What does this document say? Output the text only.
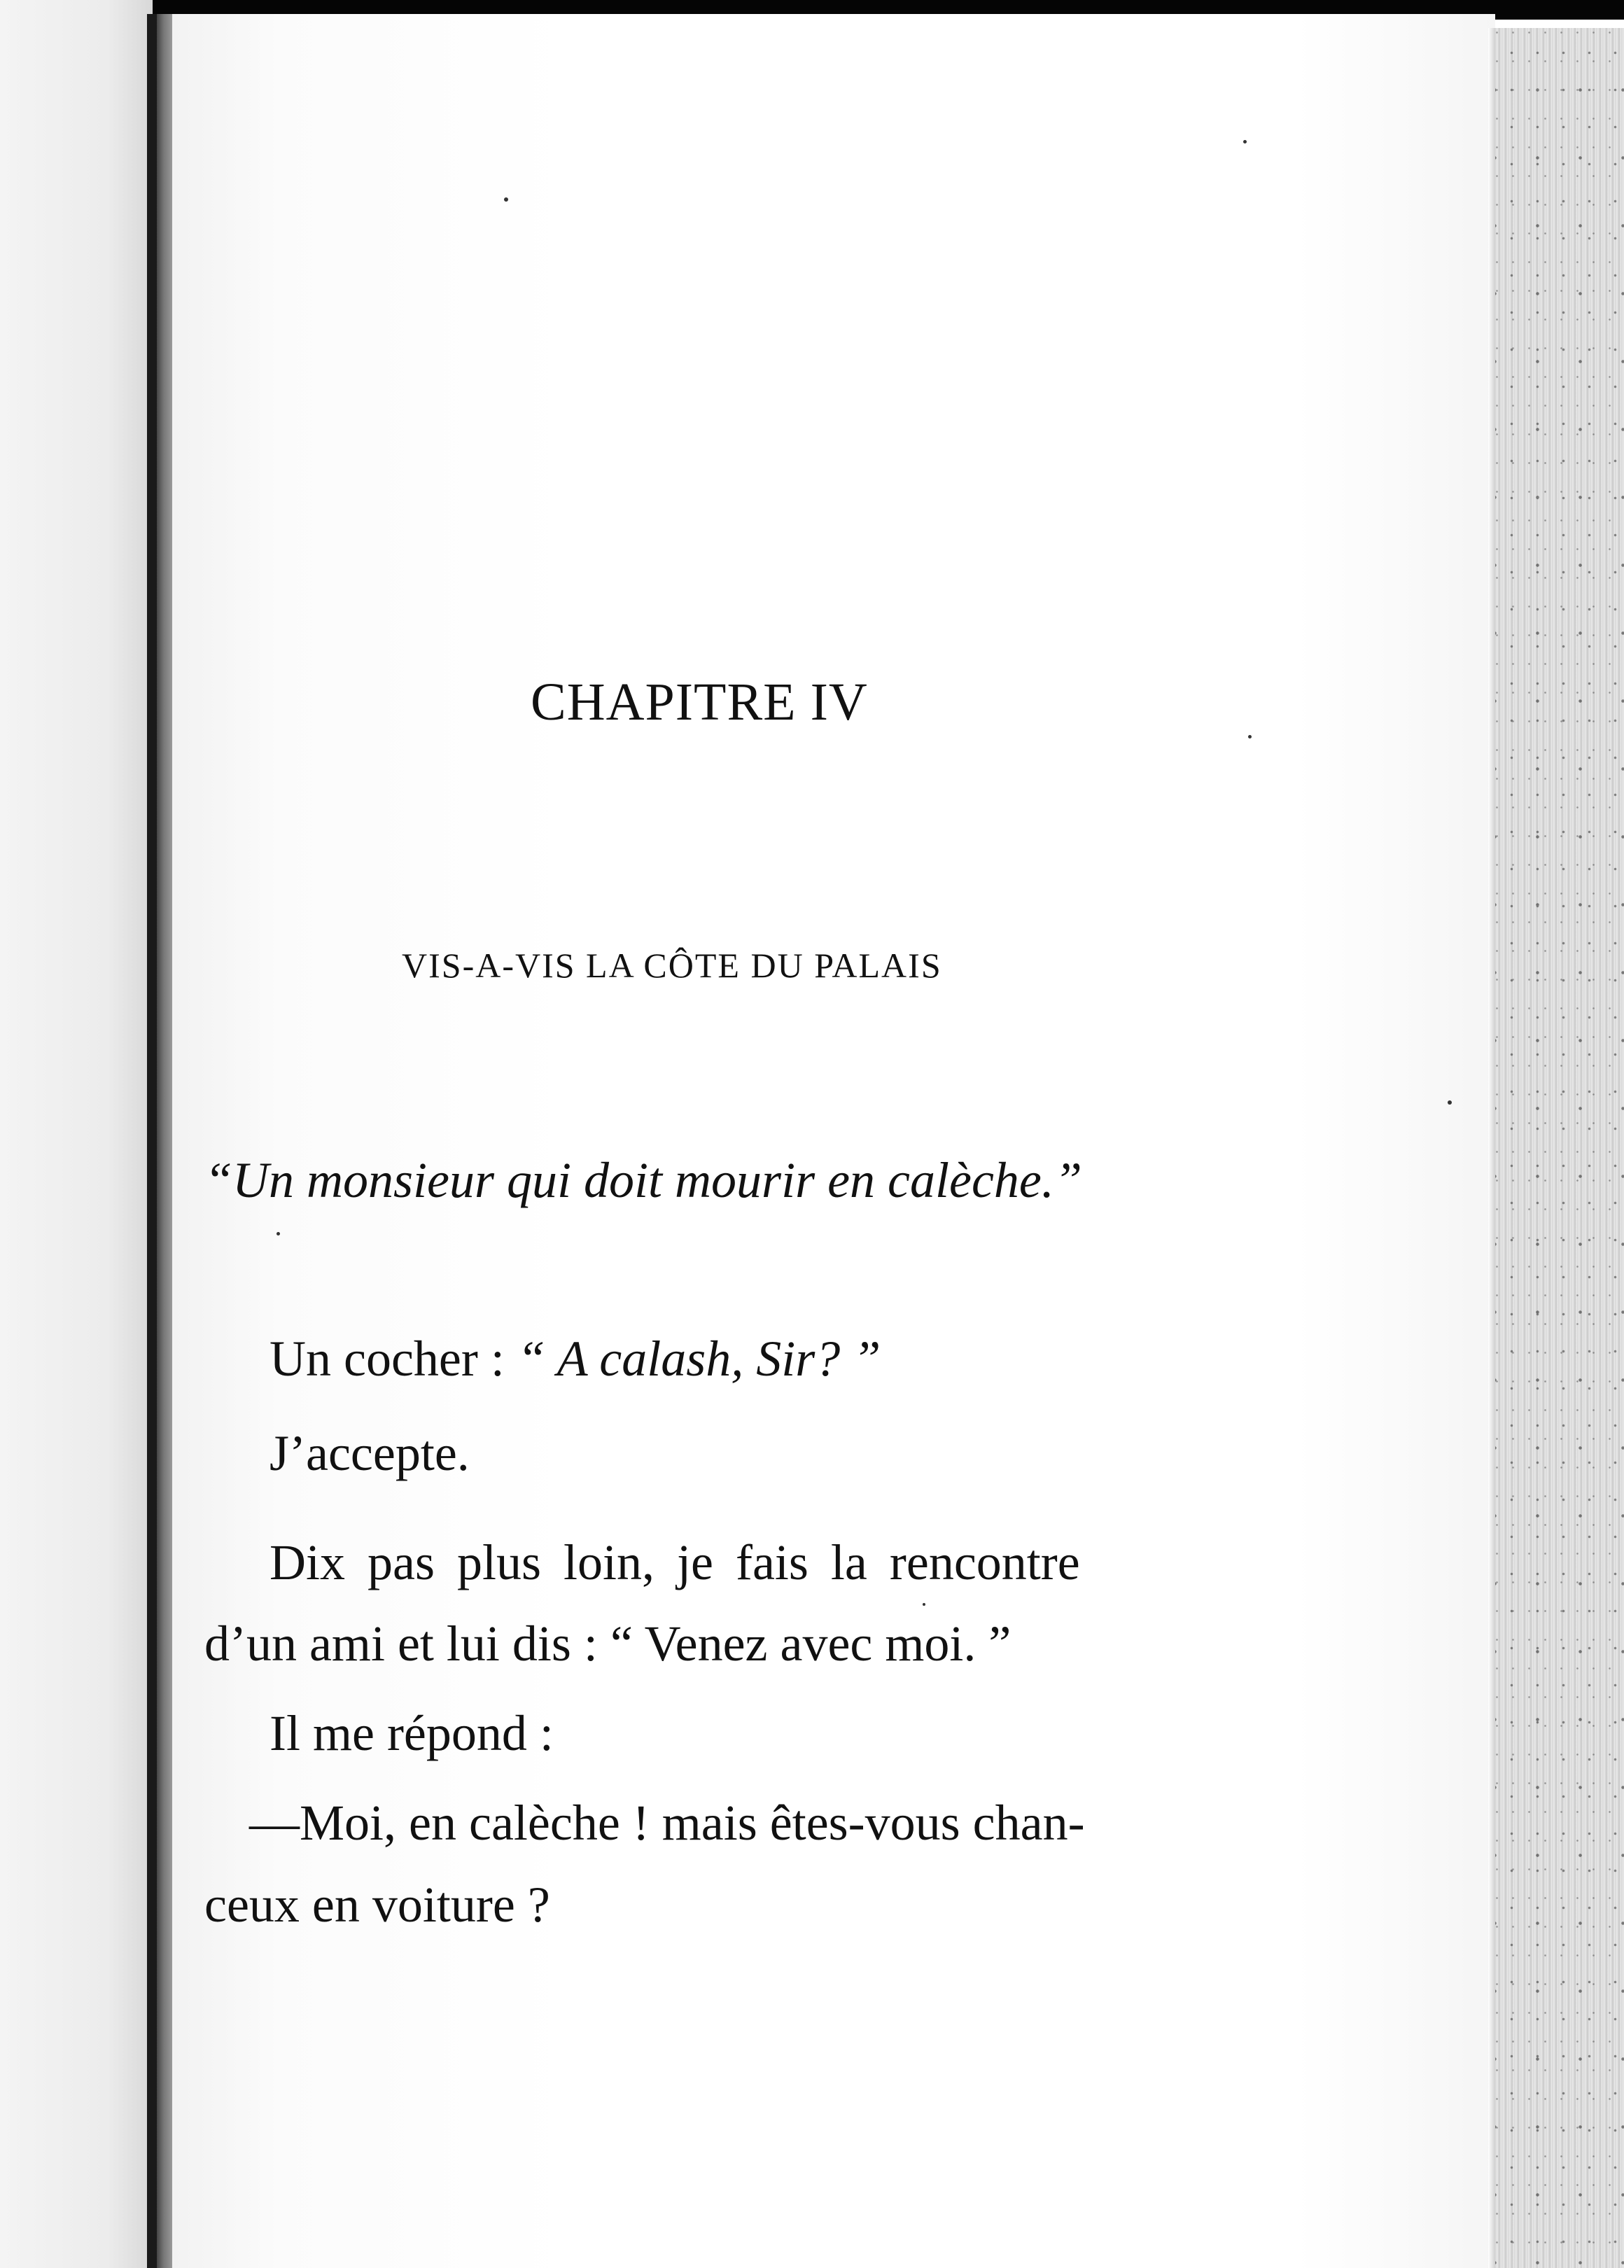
CHAPITRE IV
VIS-A-VIS LA CÔTE DU PALAIS
“Un monsieur qui doit mourir en calèche.”
Un cocher : “ A calash, Sir? ”
J’accepte.
Dix pas plus loin, je fais la rencontre
d’un ami et lui dis : “ Venez avec moi. ”
Il me répond :
—Moi, en calèche ! mais êtes-vous chan-
ceux en voiture ?
